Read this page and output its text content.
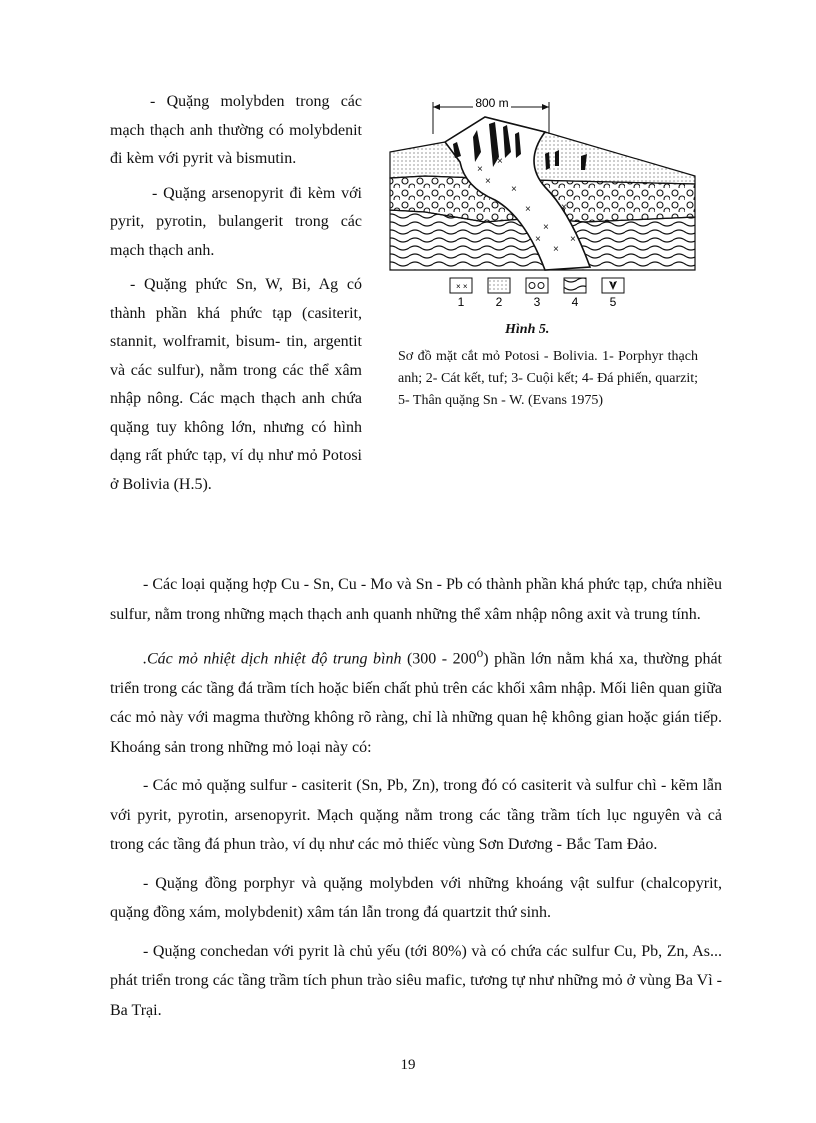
- Quặng molybden trong các mạch thạch anh thường có molybdenit đi kèm với pyrit và bismutin.

- Quặng arsenopyrit đi kèm với pyrit, pyrotin, bulangerit trong các mạch thạch anh.

- Quặng phức Sn, W, Bi, Ag có thành phần khá phức tạp (casiterit, stannit, wolframit, bisum- tin, argentit và các sulfur), nằm trong các thể xâm nhập nông. Các mạch thạch anh chứa quặng tuy không lớn, nhưng có hình dạng rất phức tạp, ví dụ như mỏ Potosi ở Bolivia (H.5).

800 m
×
×
×
×
×
×
×
×	×
×
× ×
1	2	3	4	5
Hình 5.
Sơ đồ mặt cắt mỏ Potosi - Bolivia. 1- Porphyr thạch anh; 2- Cát kết, tuf; 3- Cuội kết; 4- Đá phiến, quarzit; 5- Thân quặng Sn - W. (Evans 1975)

- Các loại quặng hợp Cu - Sn, Cu - Mo và Sn - Pb có thành phần khá phức tạp, chứa nhiều sulfur, nằm trong những mạch thạch anh quanh những thể xâm nhập nông axit và trung tính.

.Các mỏ nhiệt dịch nhiệt độ trung bình (300 - 200$^o$) phần lớn nằm khá xa, thường phát triển trong các tầng đá trầm tích hoặc biến chất phủ trên các khối xâm nhập. Mối liên quan giữa các mỏ này với magma thường không rõ ràng, chỉ là những quan hệ không gian hoặc gián tiếp. Khoáng sản trong những mỏ loại này có:

- Các mỏ quặng sulfur - casiterit (Sn, Pb, Zn), trong đó có casiterit và sulfur chì - kẽm lẫn với pyrit, pyrotin, arsenopyrit. Mạch quặng nằm trong các tầng trầm tích lục nguyên và cả trong các tầng đá phun trào, ví dụ như các mỏ thiếc vùng Sơn Dương - Bắc Tam Đảo.

- Quặng đồng porphyr và quặng molybden với những khoáng vật sulfur (chalcopyrit, quặng đồng xám, molybdenit) xâm tán lẫn trong đá quartzit thứ sinh.

- Quặng conchedan với pyrit là chủ yếu (tới 80%) và có chứa các sulfur Cu, Pb, Zn, As... phát triển trong các tầng trầm tích phun trào siêu mafic, tương tự như những mỏ ở vùng Ba Vì - Ba Trại.

19
